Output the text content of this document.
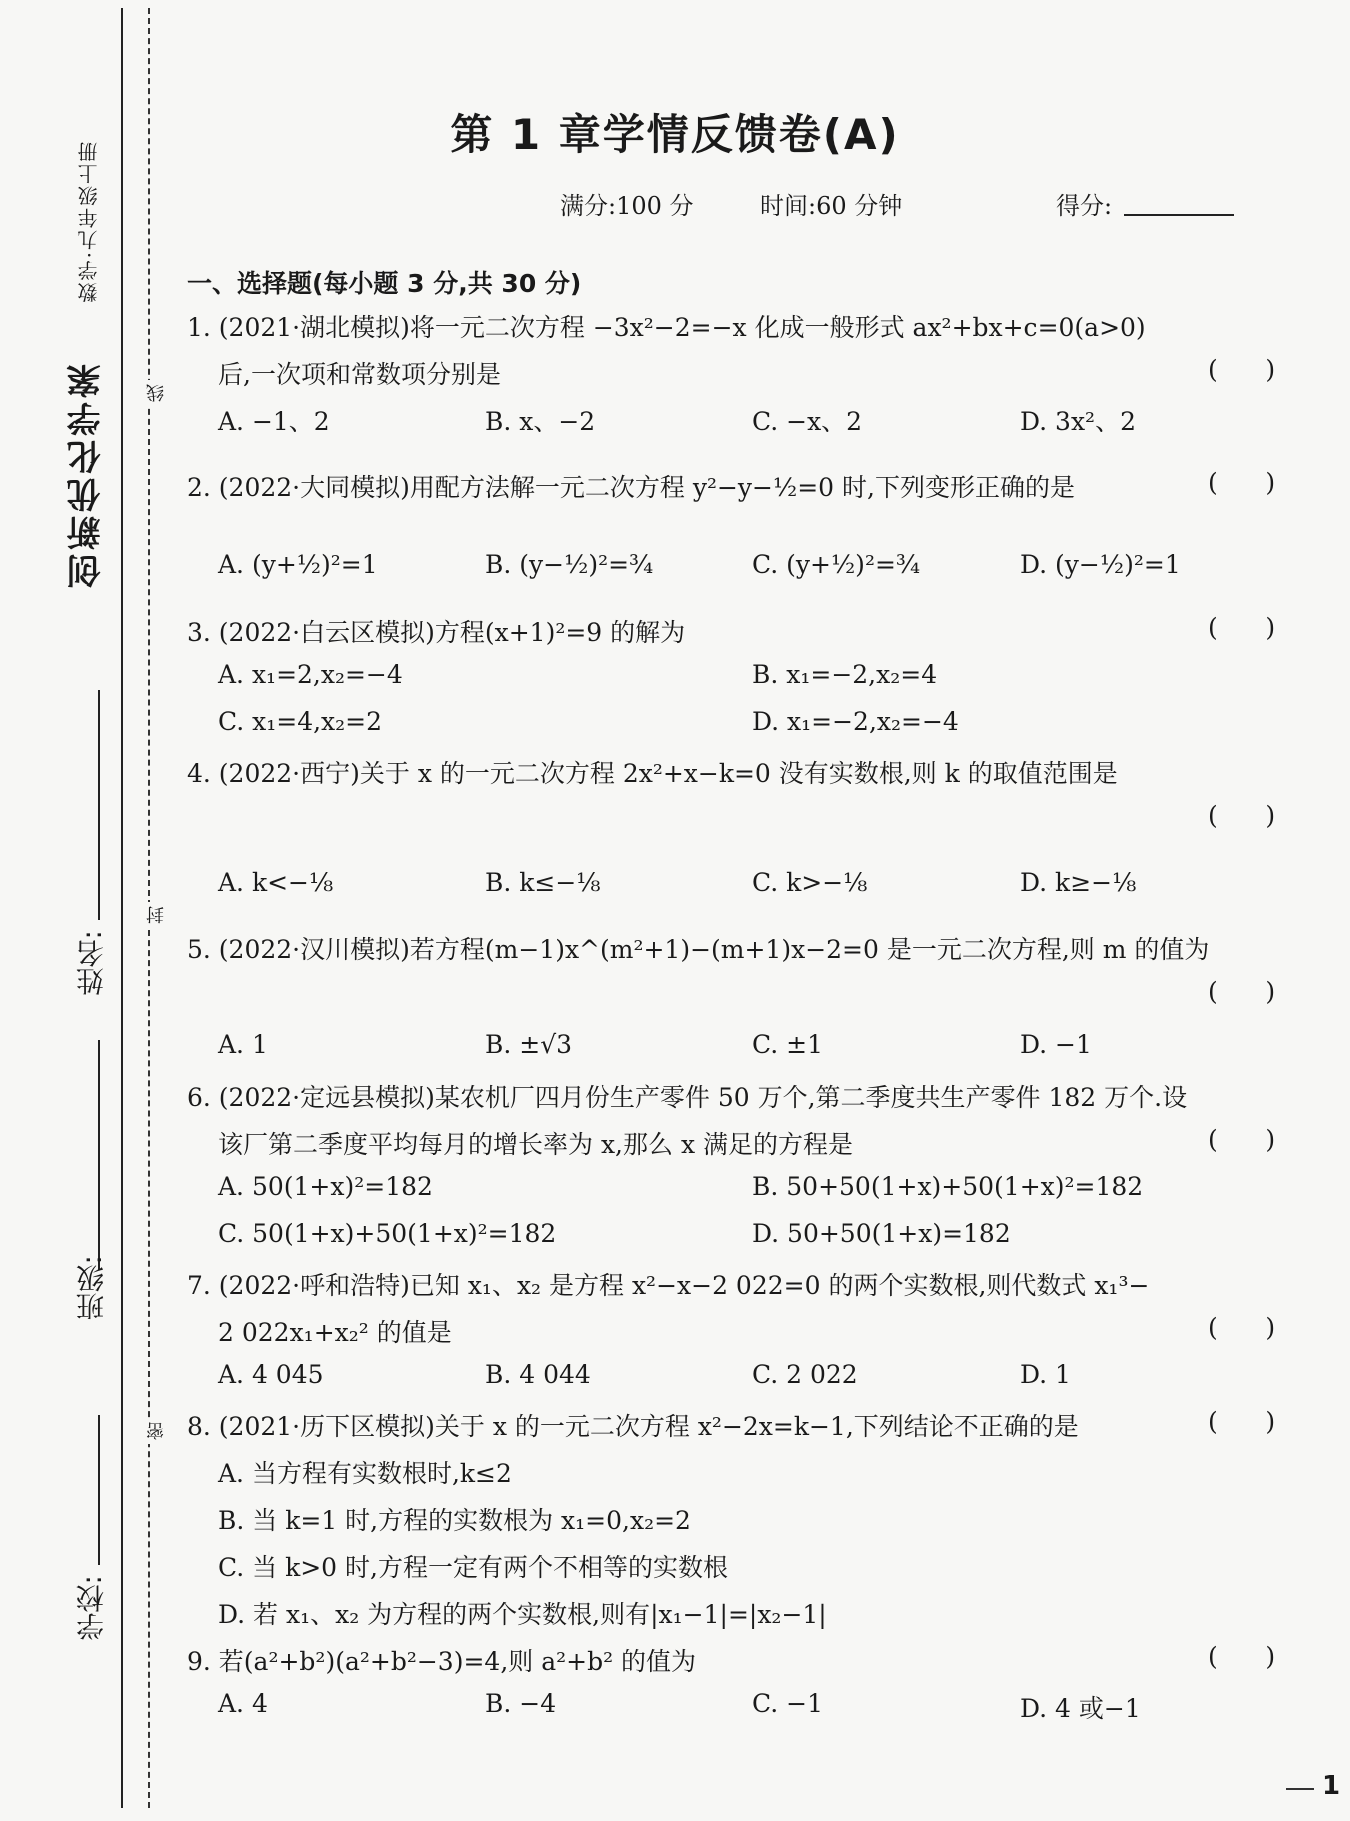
数学·九年级上册
创新优化学案
姓名:
班级:
学校:
线
封
密
第 1 章学情反馈卷(A)
满分:100 分	时间:60 分钟	得分:
一、选择题(每小题 3 分,共 30 分)
1. (2021·湖北模拟)将一元二次方程 −3x²−2=−x 化成一般形式 ax²+bx+c=0(a>0)
后,一次项和常数项分别是	(      )
A. −1、2	B. x、−2	C. −x、2	D. 3x²、2
2. (2022·大同模拟)用配方法解一元二次方程 y²−y−½=0 时,下列变形正确的是	(      )
A. (y+½)²=1	B. (y−½)²=¾	C. (y+½)²=¾	D. (y−½)²=1
3. (2022·白云区模拟)方程(x+1)²=9 的解为	(      )
A. x₁=2,x₂=−4	B. x₁=−2,x₂=4
C. x₁=4,x₂=2	D. x₁=−2,x₂=−4
4. (2022·西宁)关于 x 的一元二次方程 2x²+x−k=0 没有实数根,则 k 的取值范围是
(      )
A. k<−⅛	B. k≤−⅛	C. k>−⅛	D. k≥−⅛
5. (2022·汉川模拟)若方程(m−1)x^(m²+1)−(m+1)x−2=0 是一元二次方程,则 m 的值为
(      )
A. 1	B. ±√3	C. ±1	D. −1
6. (2022·定远县模拟)某农机厂四月份生产零件 50 万个,第二季度共生产零件 182 万个.设
该厂第二季度平均每月的增长率为 x,那么 x 满足的方程是	(      )
A. 50(1+x)²=182	B. 50+50(1+x)+50(1+x)²=182
C. 50(1+x)+50(1+x)²=182	D. 50+50(1+x)=182
7. (2022·呼和浩特)已知 x₁、x₂ 是方程 x²−x−2 022=0 的两个实数根,则代数式 x₁³−
2 022x₁+x₂² 的值是	(      )
A. 4 045	B. 4 044	C. 2 022	D. 1
8. (2021·历下区模拟)关于 x 的一元二次方程 x²−2x=k−1,下列结论不正确的是	(      )
A. 当方程有实数根时,k≤2
B. 当 k=1 时,方程的实数根为 x₁=0,x₂=2
C. 当 k>0 时,方程一定有两个不相等的实数根
D. 若 x₁、x₂ 为方程的两个实数根,则有|x₁−1|=|x₂−1|
9. 若(a²+b²)(a²+b²−3)=4,则 a²+b² 的值为	(      )
A. 4	B. −4	C. −1	D. 4 或−1
1
